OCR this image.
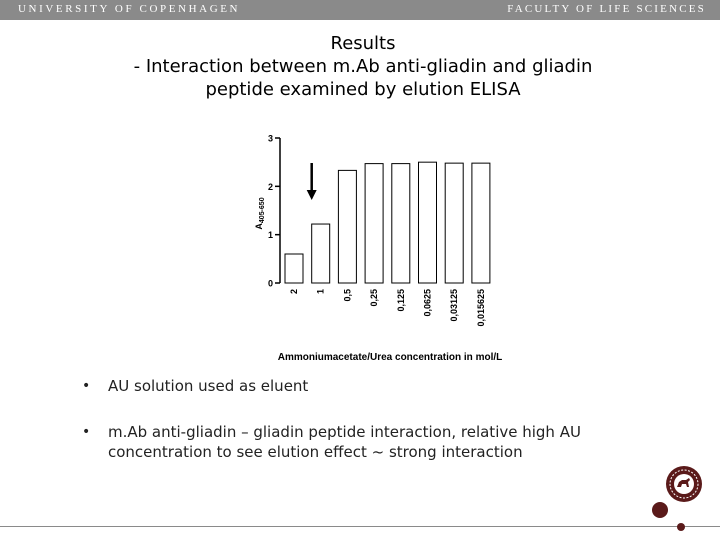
UNIVERSITY OF COPENHAGEN	FACULTY OF LIFE SCIENCES
Results
- Interaction between m.Ab anti-gliadin and gliadin
peptide examined by elution ELISA
0
1
2
3
$A_{405-650}$
2 1 0,5 0,25 0,125 0,0625 0,03125 0,015625
Ammoniumacetate/Urea concentration in mol/L
• AU solution used as eluent
• m.Ab anti-gliadin – gliadin peptide interaction, relative high AU concentration to see elution effect ~ strong interaction
